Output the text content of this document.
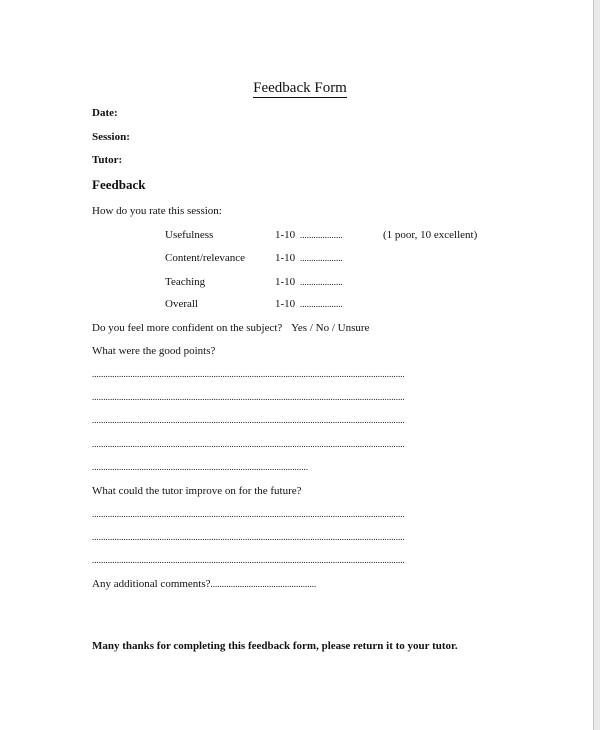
Feedback Form
Date:
Session:
Tutor:
Feedback
How do you rate this session:
Usefulness	1-10 ...................	(1 poor, 10 excellent)
Content/relevance	1-10 ...................
Teaching	1-10 ...................
Overall	1-10 ...................
Do you feel more confident on the subject? Yes / No / Unsure
What were the good points?
...........................................................................................................................................
...........................................................................................................................................
...........................................................................................................................................
...........................................................................................................................................
................................................................................................
What could the tutor improve on for the future?
...........................................................................................................................................
...........................................................................................................................................
...........................................................................................................................................
Any additional comments?...............................................
Many thanks for completing this feedback form, please return it to your tutor.
